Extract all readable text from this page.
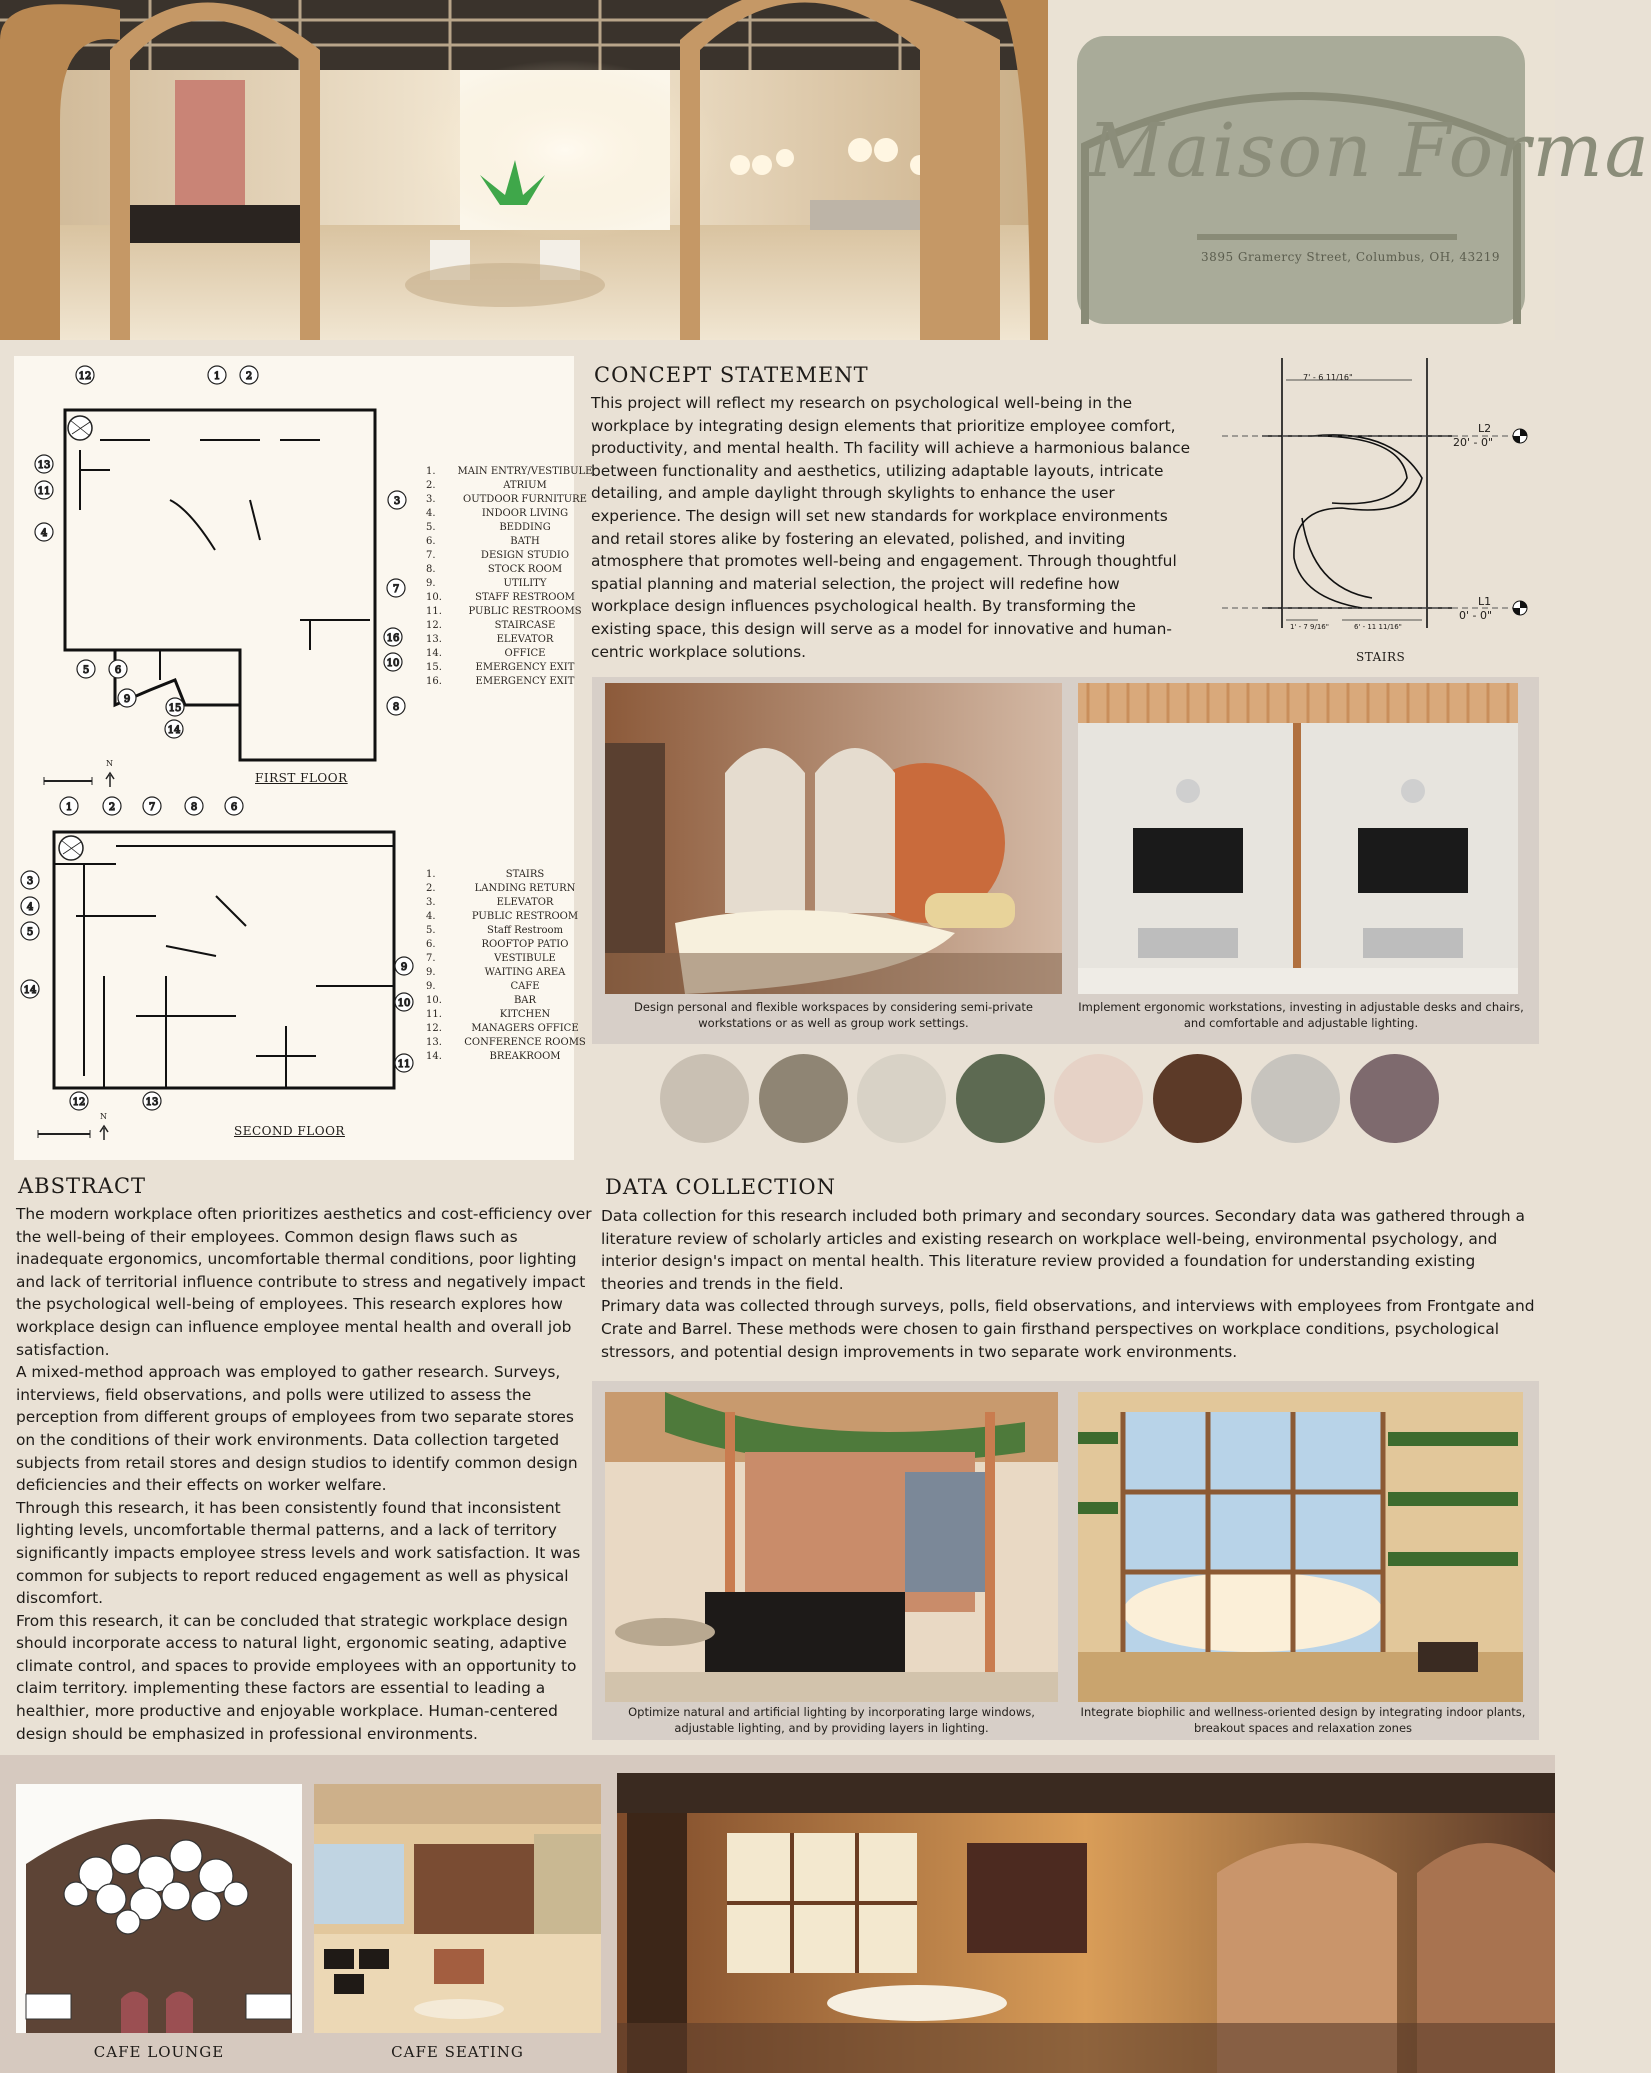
Maison Forma
3895 Gramercy Street, Columbus, OH, 43219
12	1	2
13
11
3
4
7
16
10
5	6
9
15
14
8
1.	MAIN ENTRY/VESTIBULE
2.	ATRIUM
3.	OUTDOOR FURNITURE
4.	INDOOR LIVING
5.	BEDDING
6.	BATH
7.	DESIGN STUDIO
8.	STOCK ROOM
9.	UTILITY
10.	STAFF RESTROOM
11.	PUBLIC RESTROOMS
12.	STAIRCASE
13.	ELEVATOR
14.	OFFICE
15.	EMERGENCY EXIT
16.	EMERGENCY EXIT
FIRST FLOOR
N
1	2	7	8	6
3
4
5
14
9
10
11
12	13
1.	STAIRS
2.	LANDING RETURN
3.	ELEVATOR
4.	PUBLIC RESTROOM
5.	Staff Restroom
6.	ROOFTOP PATIO
7.	VESTIBULE
9.	WAITING AREA
9.	CAFE
10.	BAR
11.	KITCHEN
12.	MANAGERS OFFICE
13.	CONFERENCE ROOMS
14.	BREAKROOM
SECOND FLOOR
N
CONCEPT STATEMENT
This project will reflect my research on psychological well-being in the workplace by integrating design elements that prioritize employee comfort, productivity, and mental health. Th facility will achieve a harmonious balance between functionality and aesthetics, utilizing adaptable layouts, intricate detailing, and ample daylight through skylights to enhance the user experience. The design will set new standards for workplace environments and retail stores alike by fostering an elevated, polished, and inviting atmosphere that promotes well-being and engagement. Through thoughtful spatial planning and material selection, the project will redefine how workplace design influences psychological health. By transforming the existing space, this design will serve as a model for innovative and human-centric workplace solutions.
7' - 6 11/16"
1' - 7 9/16"	6' - 11 11/16"
L2
20' - 0"
L1
0' - 0"
STAIRS
Design personal and flexible workspaces by considering semi-private workstations or as well as group work settings.
Implement ergonomic workstations, investing in adjustable desks and chairs, and comfortable and adjustable lighting.
ABSTRACT

The modern workplace often prioritizes aesthetics and cost-efficiency over the well-being of their employees. Common design flaws such as inadequate ergonomics, uncomfortable thermal conditions, poor lighting and lack of territorial influence contribute to stress and negatively impact the psychological well-being of employees. This research explores how workplace design can influence employee mental health and overall job satisfaction.

A mixed-method approach was employed to gather research. Surveys, interviews, field observations, and polls were utilized to assess the perception from different groups of employees from two separate stores on the conditions of their work environments. Data collection targeted subjects from retail stores and design studios to identify common design deficiencies and their effects on worker welfare.

Through this research, it has been consistently found that inconsistent lighting levels, uncomfortable thermal patterns, and a lack of territory significantly impacts employee stress levels and work satisfaction. It was common for subjects to report reduced engagement as well as physical discomfort.

From this research, it can be concluded that strategic workplace design should incorporate access to natural light, ergonomic seating, adaptive climate control, and spaces to provide employees with an opportunity to claim territory. implementing these factors are essential to leading a healthier, more productive and enjoyable workplace. Human-centered design should be emphasized in professional environments.

DATA COLLECTION

Data collection for this research included both primary and secondary sources. Secondary data was gathered through a literature review of scholarly articles and existing research on workplace well-being, environmental psychology, and interior design's impact on mental health. This literature review provided a foundation for understanding existing theories and trends in the field.

Primary data was collected through surveys, polls, field observations, and interviews with employees from Frontgate and Crate and Barrel. These methods were chosen to gain firsthand perspectives on workplace conditions, psychological stressors, and potential design improvements in two separate work environments.

Optimize natural and artificial lighting by incorporating large windows, adjustable lighting, and by providing layers in lighting.
Integrate biophilic and wellness-oriented design by integrating indoor plants, breakout spaces and relaxation zones
CAFE LOUNGE	CAFE SEATING
